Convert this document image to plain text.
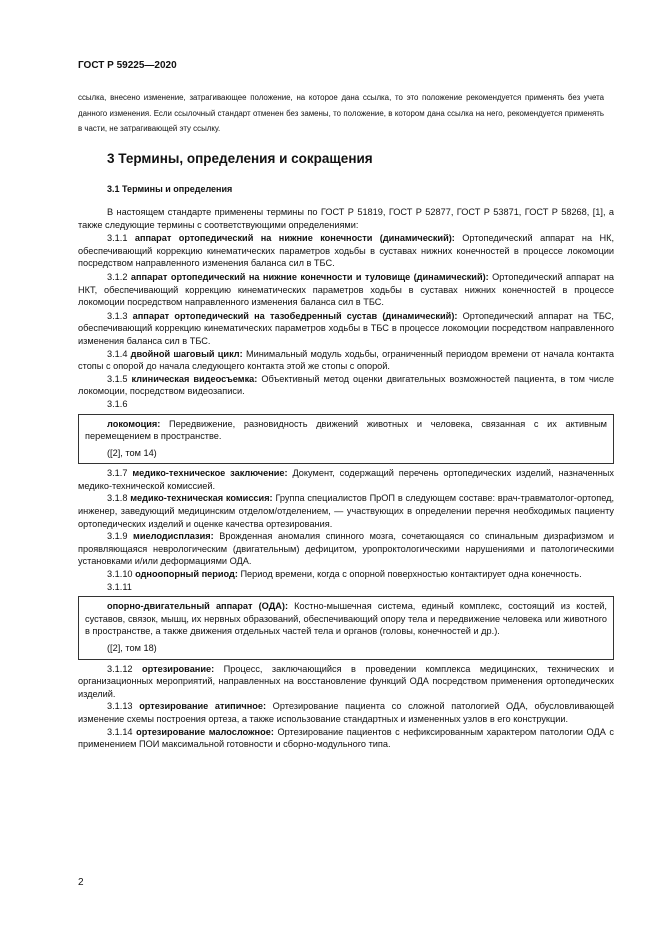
ГОСТ Р 59225—2020
ссылка, внесено изменение, затрагивающее положение, на которое дана ссылка, то это положение рекомендуется применять без учета данного изменения. Если ссылочный стандарт отменен без замены, то положение, в котором дана ссылка на него, рекомендуется применять в части, не затрагивающей эту ссылку.
3 Термины, определения и сокращения
3.1 Термины и определения

В настоящем стандарте применены термины по ГОСТ Р 51819, ГОСТ Р 52877, ГОСТ Р 53871, ГОСТ Р 58268, [1], а также следующие термины с соответствующими определениями:

3.1.1 аппарат ортопедический на нижние конечности (динамический): Ортопедический аппарат на НК, обеспечивающий коррекцию кинематических параметров ходьбы в суставах нижних конечностей в процессе локомоции посредством направленного изменения баланса сил в ТБС.

3.1.2 аппарат ортопедический на нижние конечности и туловище (динамический): Ортопедический аппарат на НКТ, обеспечивающий коррекцию кинематических параметров ходьбы в суставах нижних конечностей в процессе локомоции посредством направленного изменения баланса сил в ТБС.

3.1.3 аппарат ортопедический на тазобедренный сустав (динамический): Ортопедический аппарат на ТБС, обеспечивающий коррекцию кинематических параметров ходьбы в ТБС в процессе локомоции посредством направленного изменения баланса сил в ТБС.

3.1.4 двойной шаговый цикл: Минимальный модуль ходьбы, ограниченный периодом времени от начала контакта стопы с опорой до начала следующего контакта этой же стопы с опорой.

3.1.5 клиническая видеосъемка: Объективный метод оценки двигательных возможностей пациента, в том числе локомоции, посредством видеозаписи.

3.1.6

локомоция: Передвижение, разновидность движений животных и человека, связанная с их активным перемещением в пространстве.

([2], том 14)

3.1.7 медико-техническое заключение: Документ, содержащий перечень ортопедических изделий, назначенных медико-технической комиссией.

3.1.8 медико-техническая комиссия: Группа специалистов ПрОП в следующем составе: врач-травматолог-ортопед, инженер, заведующий медицинским отделом/отделением, — участвующих в определении перечня необходимых пациенту ортопедических изделий и оценке качества ортезирования.

3.1.9 миелодисплазия: Врожденная аномалия спинного мозга, сочетающаяся со спинальным дизрафизмом и проявляющаяся неврологическим (двигательным) дефицитом, уропроктологическими нарушениями и патологическими установками и/или деформациями ОДА.

3.1.10 одноопорный период: Период времени, когда с опорной поверхностью контактирует одна конечность.

3.1.11

опорно-двигательный аппарат (ОДА): Костно-мышечная система, единый комплекс, состоящий из костей, суставов, связок, мышц, их нервных образований, обеспечивающий опору тела и передвижение человека или животного в пространстве, а также движения отдельных частей тела и органов (головы, конечностей и др.).

([2], том 18)

3.1.12 ортезирование: Процесс, заключающийся в проведении комплекса медицинских, технических и организационных мероприятий, направленных на восстановление функций ОДА посредством применения ортопедических изделий.

3.1.13 ортезирование атипичное: Ортезирование пациента со сложной патологией ОДА, обусловливающей изменение схемы построения ортеза, а также использование стандартных и измененных узлов в его конструкции.

3.1.14 ортезирование малосложное: Ортезирование пациентов с нефиксированным характером патологии ОДА с применением ПОИ максимальной готовности и сборно-модульного типа.

2
